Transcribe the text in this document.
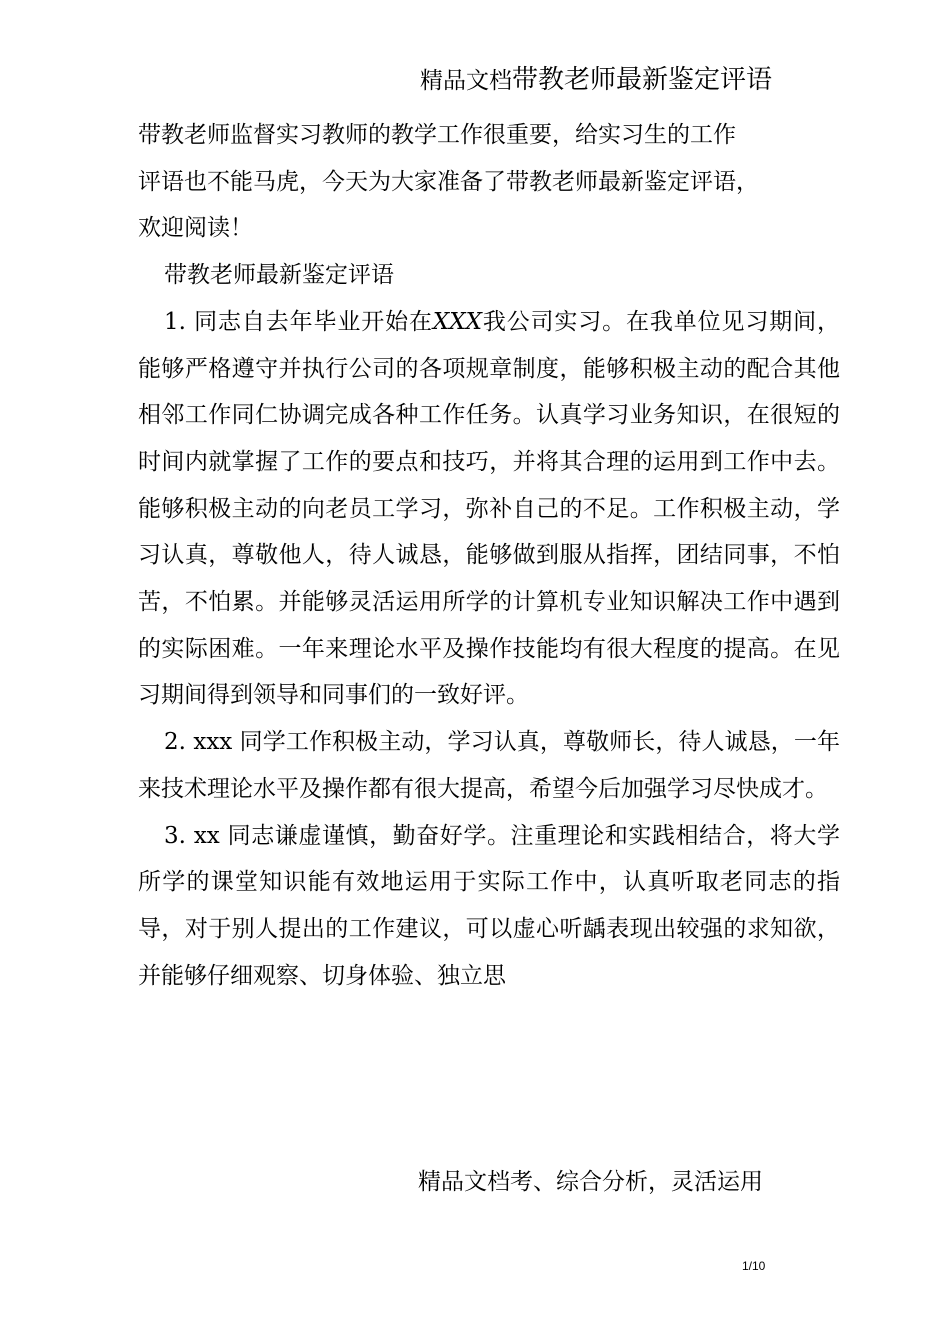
精品文档带教老师最新鉴定评语

带教老师监督实习教师的教学工作很重要，给实习生的工作

评语也不能马虎，今天为大家准备了带教老师最新鉴定评语，

欢迎阅读！

带教老师最新鉴定评语

1. 同志自去年毕业开始在XXX我公司实习。在我单位见习期间，能够严格遵守并执行公司的各项规章制度，能够积极主动的配合其他相邻工作同仁协调完成各种工作任务。认真学习业务知识，在很短的时间内就掌握了工作的要点和技巧，并将其合理的运用到工作中去。能够积极主动的向老员工学习，弥补自己的不足。工作积极主动，学习认真，尊敬他人，待人诚恳，能够做到服从指挥，团结同事，不怕苦，不怕累。并能够灵活运用所学的计算机专业知识解决工作中遇到的实际困难。一年来理论水平及操作技能均有很大程度的提高。在见习期间得到领导和同事们的一致好评。

2. xxx 同学工作积极主动，学习认真，尊敬师长，待人诚恳，一年来技术理论水平及操作都有很大提高，希望今后加强学习尽快成才。

3. xx 同志谦虚谨慎，勤奋好学。注重理论和实践相结合，将大学所学的课堂知识能有效地运用于实际工作中，认真听取老同志的指导，对于别人提出的工作建议，可以虚心听龋表现出较强的求知欲，并能够仔细观察、切身体验、独立思

精品文档考、综合分析，灵活运用
1/10
